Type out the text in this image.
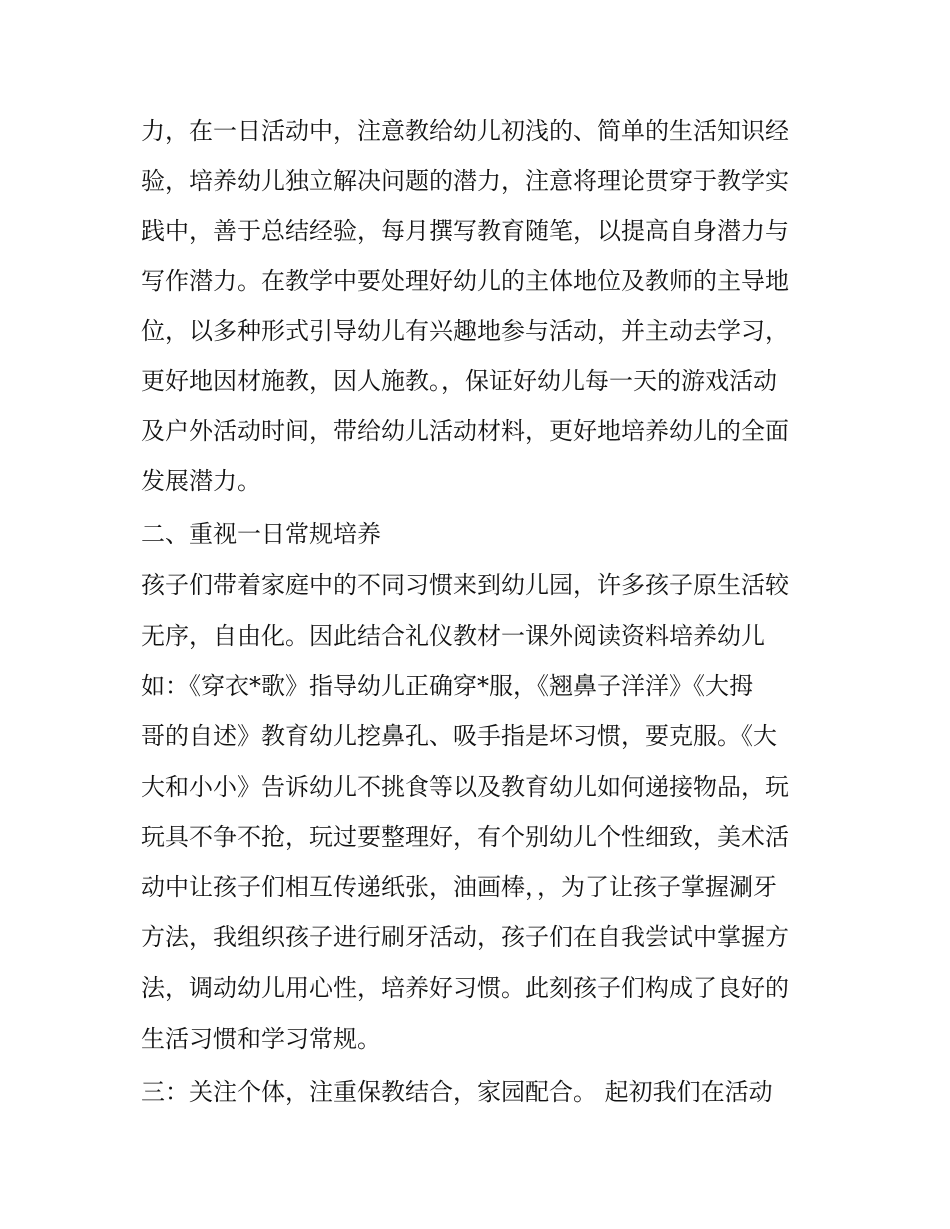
力，在一日活动中，注意教给幼儿初浅的、简单的生活知识经
验，培养幼儿独立解决问题的潜力，注意将理论贯穿于教学实
践中，善于总结经验，每月撰写教育随笔，以提高自身潜力与
写作潜力。在教学中要处理好幼儿的主体地位及教师的主导地
位，以多种形式引导幼儿有兴趣地参与活动，并主动去学习，
更好地因材施教，因人施教。，保证好幼儿每一天的游戏活动
及户外活动时间，带给幼儿活动材料，更好地培养幼儿的全面
发展潜力。
二、重视一日常规培养
孩子们带着家庭中的不同习惯来到幼儿园，许多孩子原生活较
无序，自由化。因此结合礼仪教材一课外阅读资料培养幼儿
如：《穿衣*歌》指导幼儿正确穿*服，《翘鼻子洋洋》《大拇
哥的自述》教育幼儿挖鼻孔、吸手指是坏习惯，要克服。《大
大和小小》告诉幼儿不挑食等以及教育幼儿如何递接物品，玩
玩具不争不抢，玩过要整理好，有个别幼儿个性细致，美术活
动中让孩子们相互传递纸张，油画棒，，为了让孩子掌握涮牙
方法，我组织孩子进行刷牙活动，孩子们在自我尝试中掌握方
法，调动幼儿用心性，培养好习惯。此刻孩子们构成了良好的
生活习惯和学习常规。
三：关注个体，注重保教结合，家园配合。 起初我们在活动
